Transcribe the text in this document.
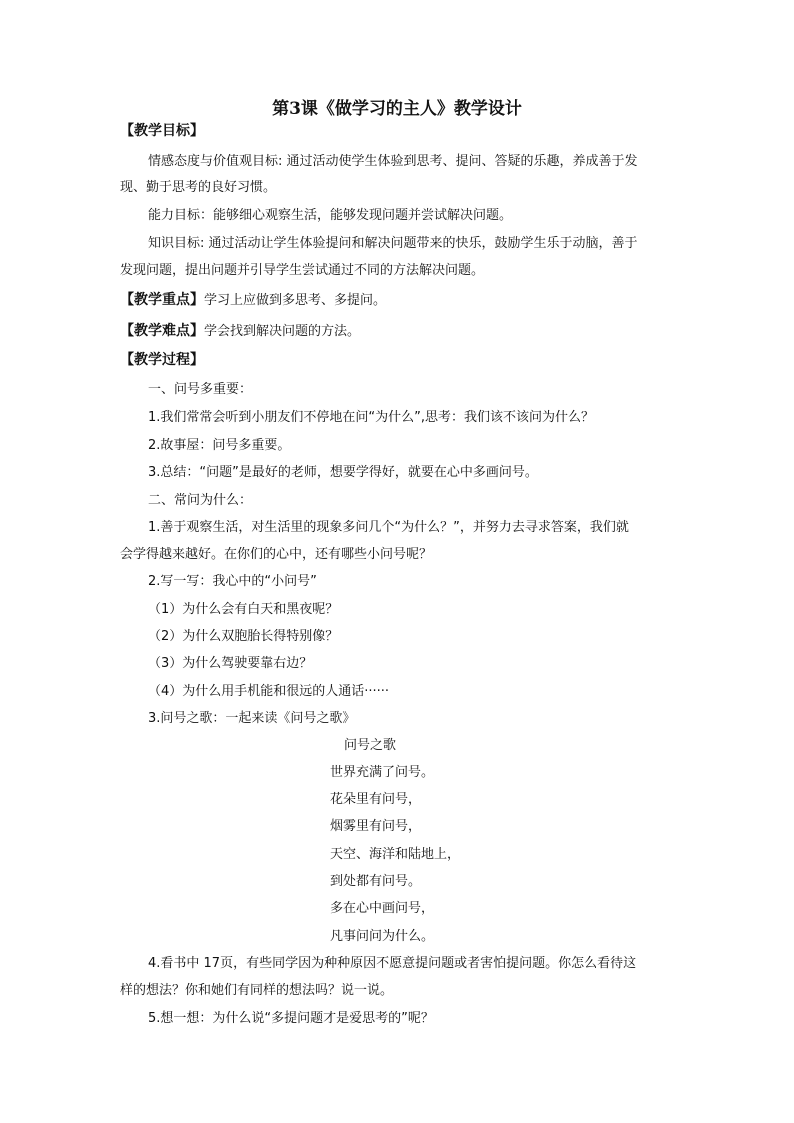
第3课《做学习的主人》教学设计
【教学目标】
情感态度与价值观目标: 通过活动使学生体验到思考、提问、答疑的乐趣，养成善于发
现、勤于思考的良好习惯。
能力目标：能够细心观察生活，能够发现问题并尝试解决问题。
知识目标: 通过活动让学生体验提问和解决问题带来的快乐，鼓励学生乐于动脑，善于
发现问题，提出问题并引导学生尝试通过不同的方法解决问题。
【教学重点】学习上应做到多思考、多提问。
【教学难点】学会找到解决问题的方法。
【教学过程】
一、问号多重要：
1.我们常常会听到小朋友们不停地在问“为什么”,思考：我们该不该问为什么？
2.故事屋：问号多重要。
3.总结：“问题”是最好的老师，想要学得好，就要在心中多画问号。
二、常问为什么：
1.善于观察生活，对生活里的现象多问几个“为什么？”，并努力去寻求答案，我们就
会学得越来越好。在你们的心中，还有哪些小问号呢？
2.写一写：我心中的“小问号”
（1）为什么会有白天和黑夜呢？
（2）为什么双胞胎长得特别像？
（3）为什么驾驶要靠右边？
（4）为什么用手机能和很远的人通话······
3.问号之歌：一起来读《问号之歌》
问号之歌
世界充满了问号。
花朵里有问号，
烟雾里有问号，
天空、海洋和陆地上，
到处都有问号。
多在心中画问号，
凡事问问为什么。
4.看书中 17页，有些同学因为种种原因不愿意提问题或者害怕提问题。你怎么看待这
样的想法？你和她们有同样的想法吗？说一说。
5.想一想：为什么说“多提问题才是爱思考的”呢？
